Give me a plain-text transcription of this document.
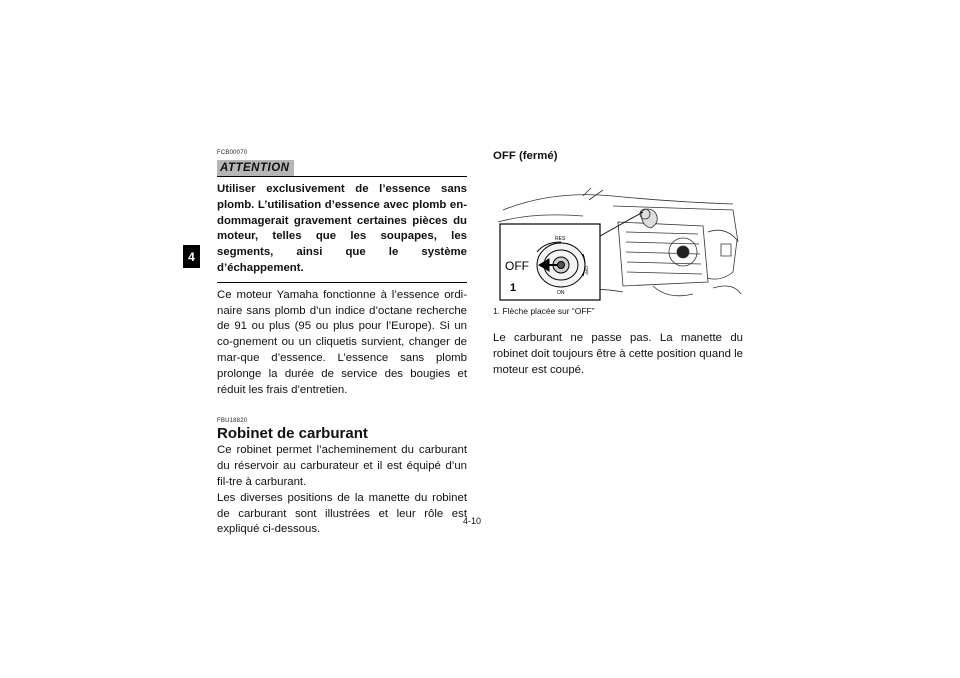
4
FCB00070
ATTENTION
Utiliser exclusivement de l’essence sans plomb. L’utilisation d’essence avec plomb en-dommagerait gravement certaines pièces du moteur, telles que les soupapes, les segments, ainsi que le système d’échappement.

Ce moteur Yamaha fonctionne à l’essence ordi-naire sans plomb d’un indice d’octane recherche de 91 ou plus (95 ou plus pour l’Europe). Si un co-gnement ou un cliquetis survient, changer de mar-que d’essence. L’essence sans plomb prolonge la durée de service des bougies et réduit les frais d’entretien.

FBU18820
Robinet de carburant

Ce robinet permet l’acheminement du carburant du réservoir au carburateur et il est équipé d’un fil-tre à carburant.

Les diverses positions de la manette du robinet de carburant sont illustrées et leur rôle est expliqué ci-dessous.

OFF (fermé)
RES
ON
OFF
OFF
1
1. Flèche placée sur “OFF”

Le carburant ne passe pas. La manette du robinet doit toujours être à cette position quand le moteur est coupé.

4-10
